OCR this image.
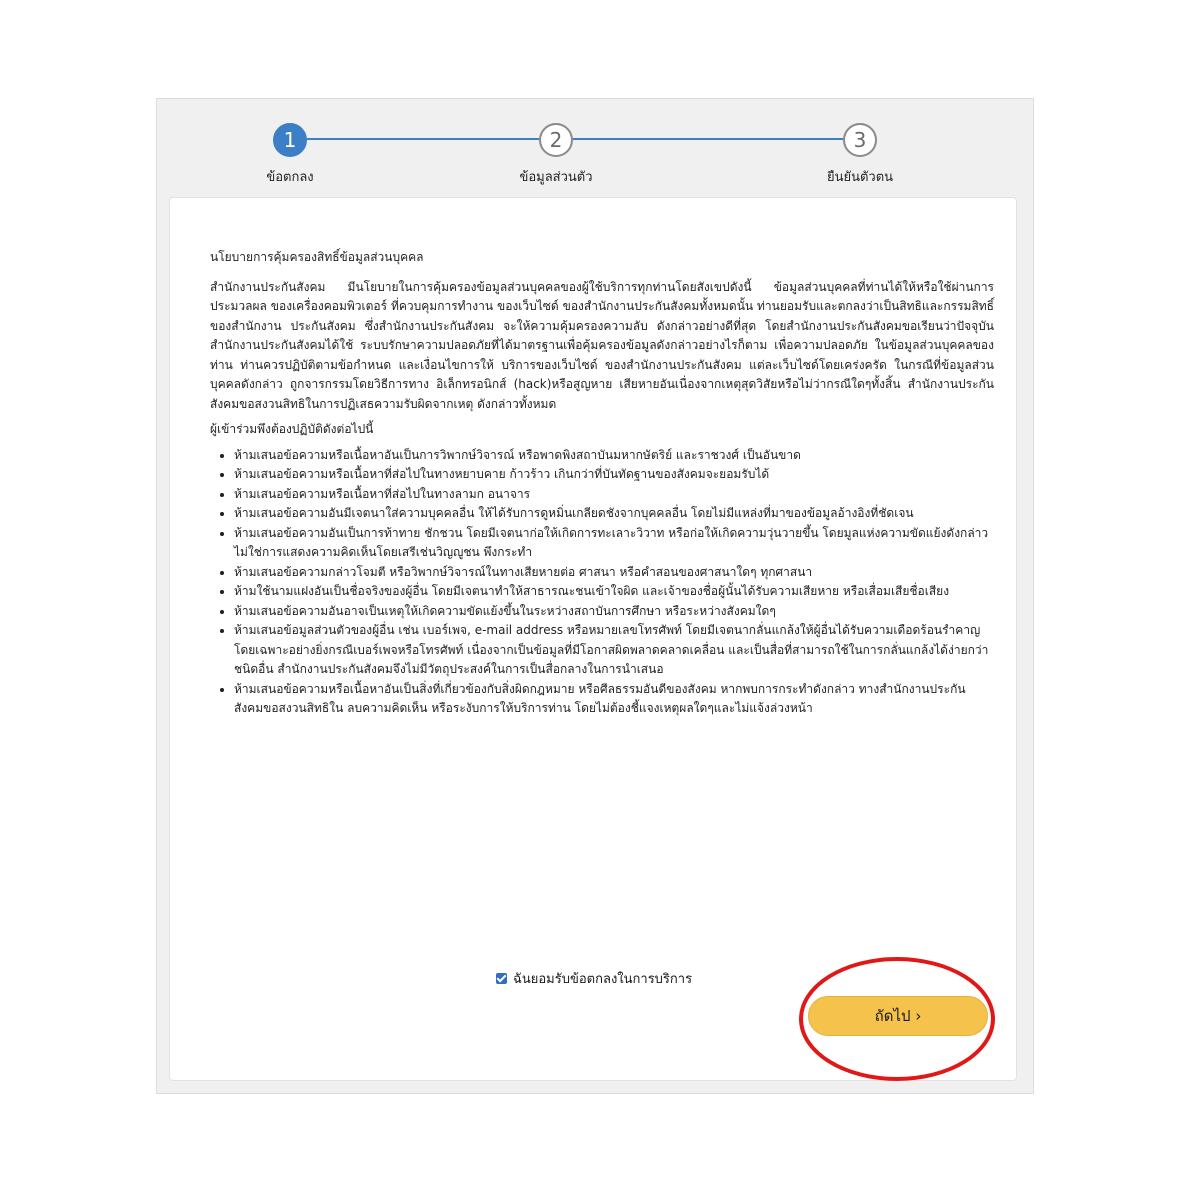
1
ข้อตกลง
2
ข้อมูลส่วนตัว
3
ยืนยันตัวตน
นโยบายการคุ้มครองสิทธิ์ข้อมูลส่วนบุคคล

สำนักงานประกันสังคม มีนโยบายในการคุ้มครองข้อมูลส่วนบุคคลของผู้ใช้บริการทุกท่านโดยสังเขปดังนี้ ข้อมูลส่วนบุคคลที่ท่านได้ให้หรือใช้ผ่านการประมวลผล ของเครื่องคอมพิวเตอร์ ที่ควบคุมการทำงาน ของเว็บไซด์ ของสำนักงานประกันสังคมทั้งหมดนั้น ท่านยอมรับและตกลงว่าเป็นสิทธิและกรรมสิทธิ์ของสำนักงาน ประกันสังคม ซึ่งสำนักงานประกันสังคม จะให้ความคุ้มครองความลับ ดังกล่าวอย่างดีที่สุด โดยสำนักงานประกันสังคมขอเรียนว่าปัจจุบันสำนักงานประกันสังคมได้ใช้ ระบบรักษาความปลอดภัยที่ได้มาตรฐานเพื่อคุ้มครองข้อมูลดังกล่าวอย่างไรก็ตาม เพื่อความปลอดภัย ในข้อมูลส่วนบุคคลของท่าน ท่านควรปฏิบัติตามข้อกำหนด และเงื่อนไขการให้ บริการของเว็บไซด์ ของสำนักงานประกันสังคม แต่ละเว็บไซด์โดยเคร่งครัด ในกรณีที่ข้อมูลส่วนบุคคลดังกล่าว ถูกจารกรรมโดยวิธีการทาง อิเล็กทรอนิกส์ (hack)หรือสูญหาย เสียหายอันเนื่องจากเหตุสุดวิสัยหรือไม่ว่ากรณีใดๆทั้งสิ้น สำนักงานประกันสังคมขอสงวนสิทธิในการปฏิเสธความรับผิดจากเหตุ ดังกล่าวทั้งหมด

ผู้เข้าร่วมพึงต้องปฏิบัติดังต่อไปนี้

• ห้ามเสนอข้อความหรือเนื้อหาอันเป็นการวิพากษ์วิจารณ์ หรือพาดพิงสถาบันมหากษัตริย์ และราชวงศ์ เป็นอันขาด
• ห้ามเสนอข้อความหรือเนื้อหาที่ส่อไปในทางหยาบคาย ก้าวร้าว เกินกว่าที่บันทัดฐานของสังคมจะยอมรับได้
• ห้ามเสนอข้อความหรือเนื้อหาที่ส่อไปในทางลามก อนาจาร
• ห้ามเสนอข้อความอันมีเจตนาใส่ความบุคคลอื่น ให้ได้รับการดูหมิ่นเกลียดชังจากบุคคลอื่น โดยไม่มีแหล่งที่มาของข้อมูลอ้างอิงที่ชัดเจน
• ห้ามเสนอข้อความอันเป็นการท้าทาย ชักชวน โดยมีเจตนาก่อให้เกิดการทะเลาะวิวาท หรือก่อให้เกิดความวุ่นวายขึ้น โดยมูลแห่งความขัดแย้งดังกล่าว ไม่ใช่การแสดงความคิดเห็นโดยเสรีเช่นวิญญูชน พึงกระทำ
• ห้ามเสนอข้อความกล่าวโจมตี หรือวิพากษ์วิจารณ์ในทางเสียหายต่อ ศาสนา หรือคำสอนของศาสนาใดๆ ทุกศาสนา
• ห้ามใช้นามแฝงอันเป็นชื่อจริงของผู้อื่น โดยมีเจตนาทำให้สาธารณะชนเข้าใจผิด และเจ้าของชื่อผู้นั้นได้รับความเสียหาย หรือเสื่อมเสียชื่อเสียง
• ห้ามเสนอข้อความอันอาจเป็นเหตุให้เกิดความขัดแย้งขึ้นในระหว่างสถาบันการศึกษา หรือระหว่างสังคมใดๆ
• ห้ามเสนอข้อมูลส่วนตัวของผู้อื่น เช่น เบอร์เพจ, e-mail address หรือหมายเลขโทรศัพท์ โดยมีเจตนากลั่นแกล้งให้ผู้อื่นได้รับความเดือดร้อนรำคาญ โดยเฉพาะอย่างยิ่งกรณีเบอร์เพจหรือโทรศัพท์ เนื่องจากเป็นข้อมูลที่มีโอกาสผิดพลาดคลาดเคลื่อน และเป็นสื่อที่สามารถใช้ในการกลั่นแกล้งได้ง่ายกว่าชนิดอื่น สำนักงานประกันสังคมจึงไม่มีวัตถุประสงค์ในการเป็นสื่อกลางในการนำเสนอ
• ห้ามเสนอข้อความหรือเนื้อหาอันเป็นสิ่งที่เกี่ยวข้องกับสิ่งผิดกฎหมาย หรือศีลธรรมอันดีของสังคม หากพบการกระทำดังกล่าว ทางสำนักงานประกันสังคมขอสงวนสิทธิใน ลบความคิดเห็น หรือระงับการให้บริการท่าน โดยไม่ต้องชี้แจงเหตุผลใดๆและไม่แจ้งล่วงหน้า
ฉันยอมรับข้อตกลงในการบริการ
ถัดไป ›
